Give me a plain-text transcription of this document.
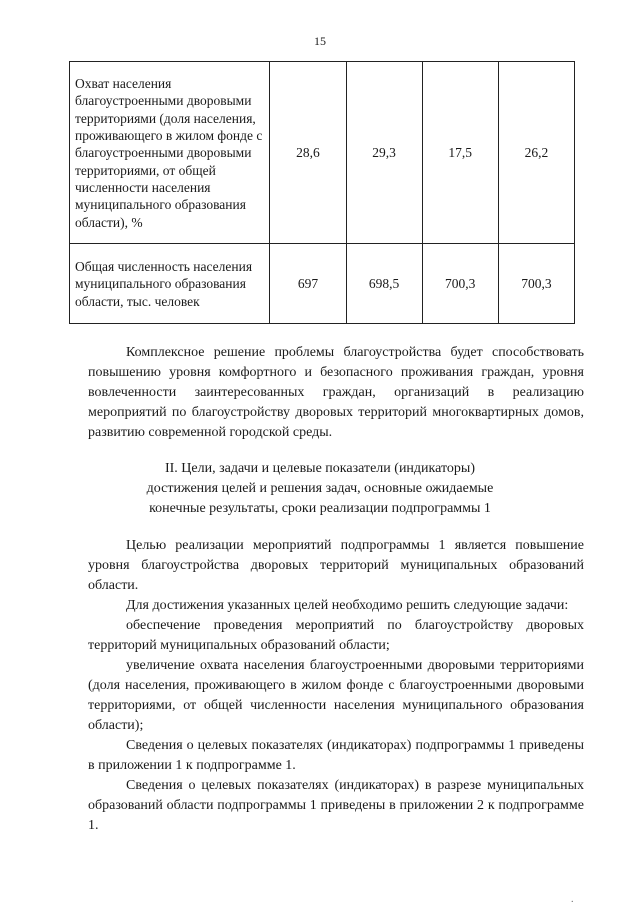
15
Охват населения благоустроенными дворовыми территориями (доля населения, проживающего в жилом фонде с благоустроенными дворовыми территориями, от общей численности населения муниципального образования области), %	28,6	29,3	17,5	26,2
Общая численность населения муниципального образования области, тыс. человек	697	698,5	700,3	700,3

Комплексное решение проблемы благоустройства будет способствовать повышению уровня комфортного и безопасного проживания граждан, уровня вовлеченности заинтересованных граждан, организаций в реализацию мероприятий по благоустройству дворовых территорий многоквартирных домов, развитию современной городской среды.

II. Цели, задачи и целевые показатели (индикаторы)
достижения целей и решения задач, основные ожидаемые
конечные результаты, сроки реализации подпрограммы 1

Целью реализации мероприятий подпрограммы 1 является повышение уровня благоустройства дворовых территорий муниципальных образований области.

Для достижения указанных целей необходимо решить следующие задачи:

обеспечение проведения мероприятий по благоустройству дворовых территорий муниципальных образований области;

увеличение охвата населения благоустроенными дворовыми территориями (доля населения, проживающего в жилом фонде с благоустроенными дворовыми территориями, от общей численности населения муниципального образования области);

Сведения о целевых показателях (индикаторах) подпрограммы 1 приведены в приложении 1 к подпрограмме 1.

Сведения о целевых показателях (индикаторах) в разрезе муниципальных образований области подпрограммы 1 приведены в приложении 2 к подпрограмме 1.

.
